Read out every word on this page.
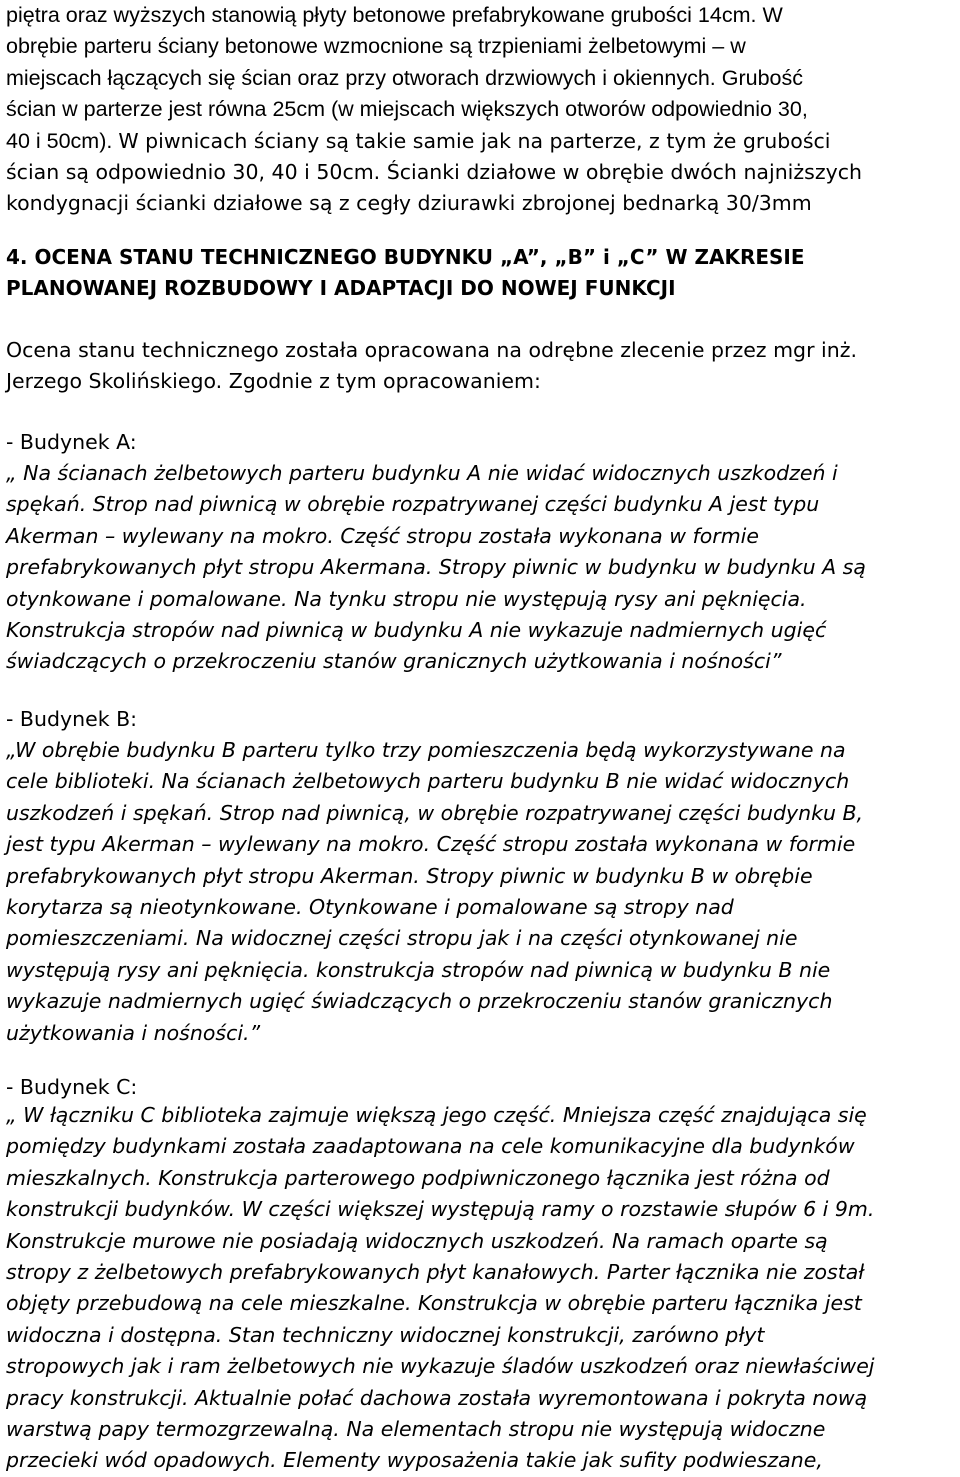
piętra oraz wyższych stanowią płyty betonowe prefabrykowane grubości 14cm. W
obrębie parteru ściany betonowe wzmocnione są trzpieniami żelbetowymi – w
miejscach łączących się ścian oraz przy otworach drzwiowych i okiennych. Grubość
ścian w parterze jest równa 25cm (w miejscach większych otworów odpowiednio 30,
40 i 50cm). W piwnicach ściany są takie samie jak na parterze, z tym że grubości
ścian są odpowiednio 30, 40 i 50cm. Ścianki działowe w obrębie dwóch najniższych
kondygnacji ścianki działowe są z cegły dziurawki zbrojonej bednarką 30/3mm
4. OCENA STANU TECHNICZNEGO BUDYNKU „A”, „B” i „C” W ZAKRESIE
PLANOWANEJ ROZBUDOWY I ADAPTACJI DO NOWEJ FUNKCJI
Ocena stanu technicznego została opracowana na odrębne zlecenie przez mgr inż.
Jerzego Skolińskiego. Zgodnie z tym opracowaniem:
- Budynek A:
„ Na ścianach żelbetowych parteru budynku A nie widać widocznych uszkodzeń i
spękań. Strop nad piwnicą w obrębie rozpatrywanej części budynku A jest typu
Akerman – wylewany na mokro. Część stropu została wykonana w formie
prefabrykowanych płyt stropu Akermana. Stropy piwnic w budynku w budynku A są
otynkowane i pomalowane. Na tynku stropu nie występują rysy ani pęknięcia.
Konstrukcja stropów nad piwnicą w budynku A nie wykazuje nadmiernych ugięć
świadczących o przekroczeniu stanów granicznych użytkowania i nośności”
- Budynek B:
„W obrębie budynku B parteru tylko trzy pomieszczenia będą wykorzystywane na
cele biblioteki. Na ścianach żelbetowych parteru budynku B nie widać widocznych
uszkodzeń i spękań. Strop nad piwnicą, w obrębie rozpatrywanej części budynku B,
jest typu Akerman – wylewany na mokro. Część stropu została wykonana w formie
prefabrykowanych płyt stropu Akerman. Stropy piwnic w budynku B w obrębie
korytarza są nieotynkowane. Otynkowane i pomalowane są stropy nad
pomieszczeniami. Na widocznej części stropu jak i na części otynkowanej nie
występują rysy ani pęknięcia. konstrukcja stropów nad piwnicą w budynku B nie
wykazuje nadmiernych ugięć świadczących o przekroczeniu stanów granicznych
użytkowania i nośności.”
- Budynek C:
„ W łączniku C biblioteka zajmuje większą jego część. Mniejsza część znajdująca się
pomiędzy budynkami została zaadaptowana na cele komunikacyjne dla budynków
mieszkalnych. Konstrukcja parterowego podpiwniczonego łącznika jest różna od
konstrukcji budynków. W części większej występują ramy o rozstawie słupów 6 i 9m.
Konstrukcje murowe nie posiadają widocznych uszkodzeń. Na ramach oparte są
stropy z żelbetowych prefabrykowanych płyt kanałowych. Parter łącznika nie został
objęty przebudową na cele mieszkalne. Konstrukcja w obrębie parteru łącznika jest
widoczna i dostępna. Stan techniczny widocznej konstrukcji, zarówno płyt
stropowych jak i ram żelbetowych nie wykazuje śladów uszkodzeń oraz niewłaściwej
pracy konstrukcji. Aktualnie połać dachowa została wyremontowana i pokryta nową
warstwą papy termozgrzewalną. Na elementach stropu nie występują widoczne
przecieki wód opadowych. Elementy wyposażenia takie jak sufity podwieszane,
